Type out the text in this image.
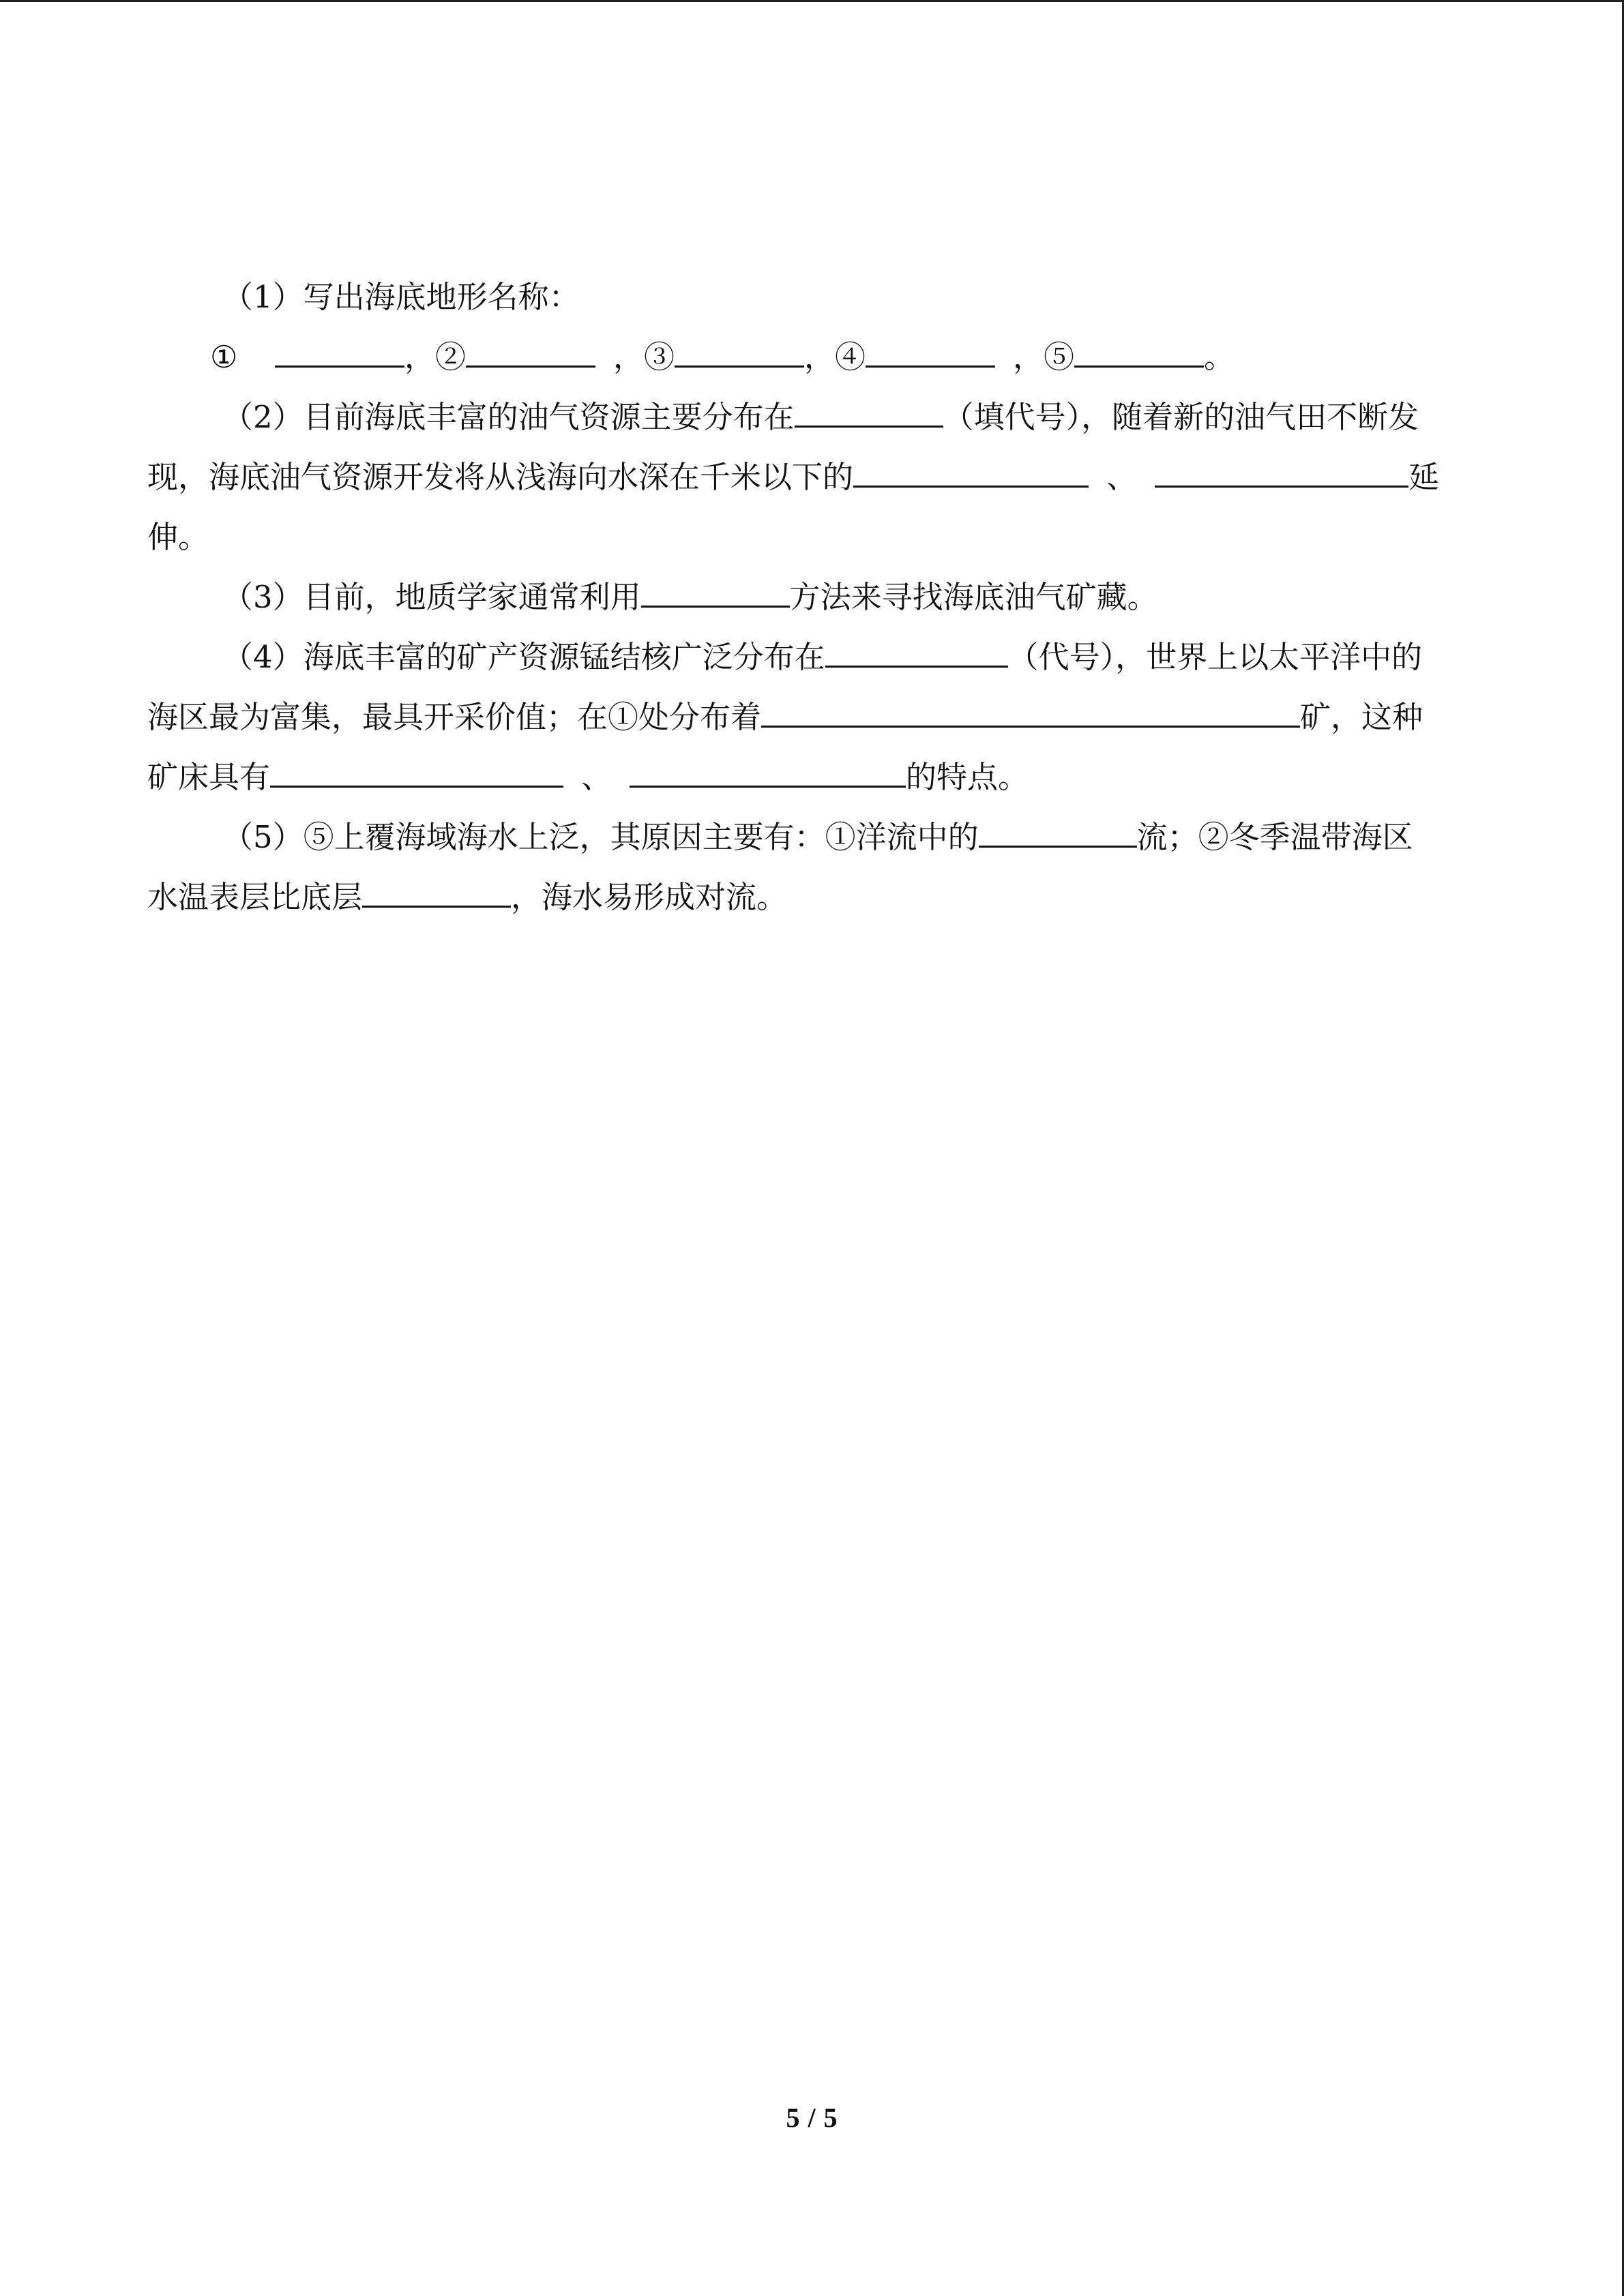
（1）写出海底地形名称：
①	，②	，③	，④	，⑤	。
（2）目前海底丰富的油气资源主要分布在	（填代号），随着新的油气田不断发
现，海底油气资源开发将从浅海向水深在千米以下的	、	延
伸。
（3）目前，地质学家通常利用	方法来寻找海底油气矿藏。
（4）海底丰富的矿产资源锰结核广泛分布在	（代号），世界上以太平洋中的
海区最为富集，最具开采价值；在①处分布着	矿，这种
矿床具有	、	的特点。
（5）⑤上覆海域海水上泛，其原因主要有：①洋流中的	流；②冬季温带海区
水温表层比底层	，海水易形成对流。
5 / 5
